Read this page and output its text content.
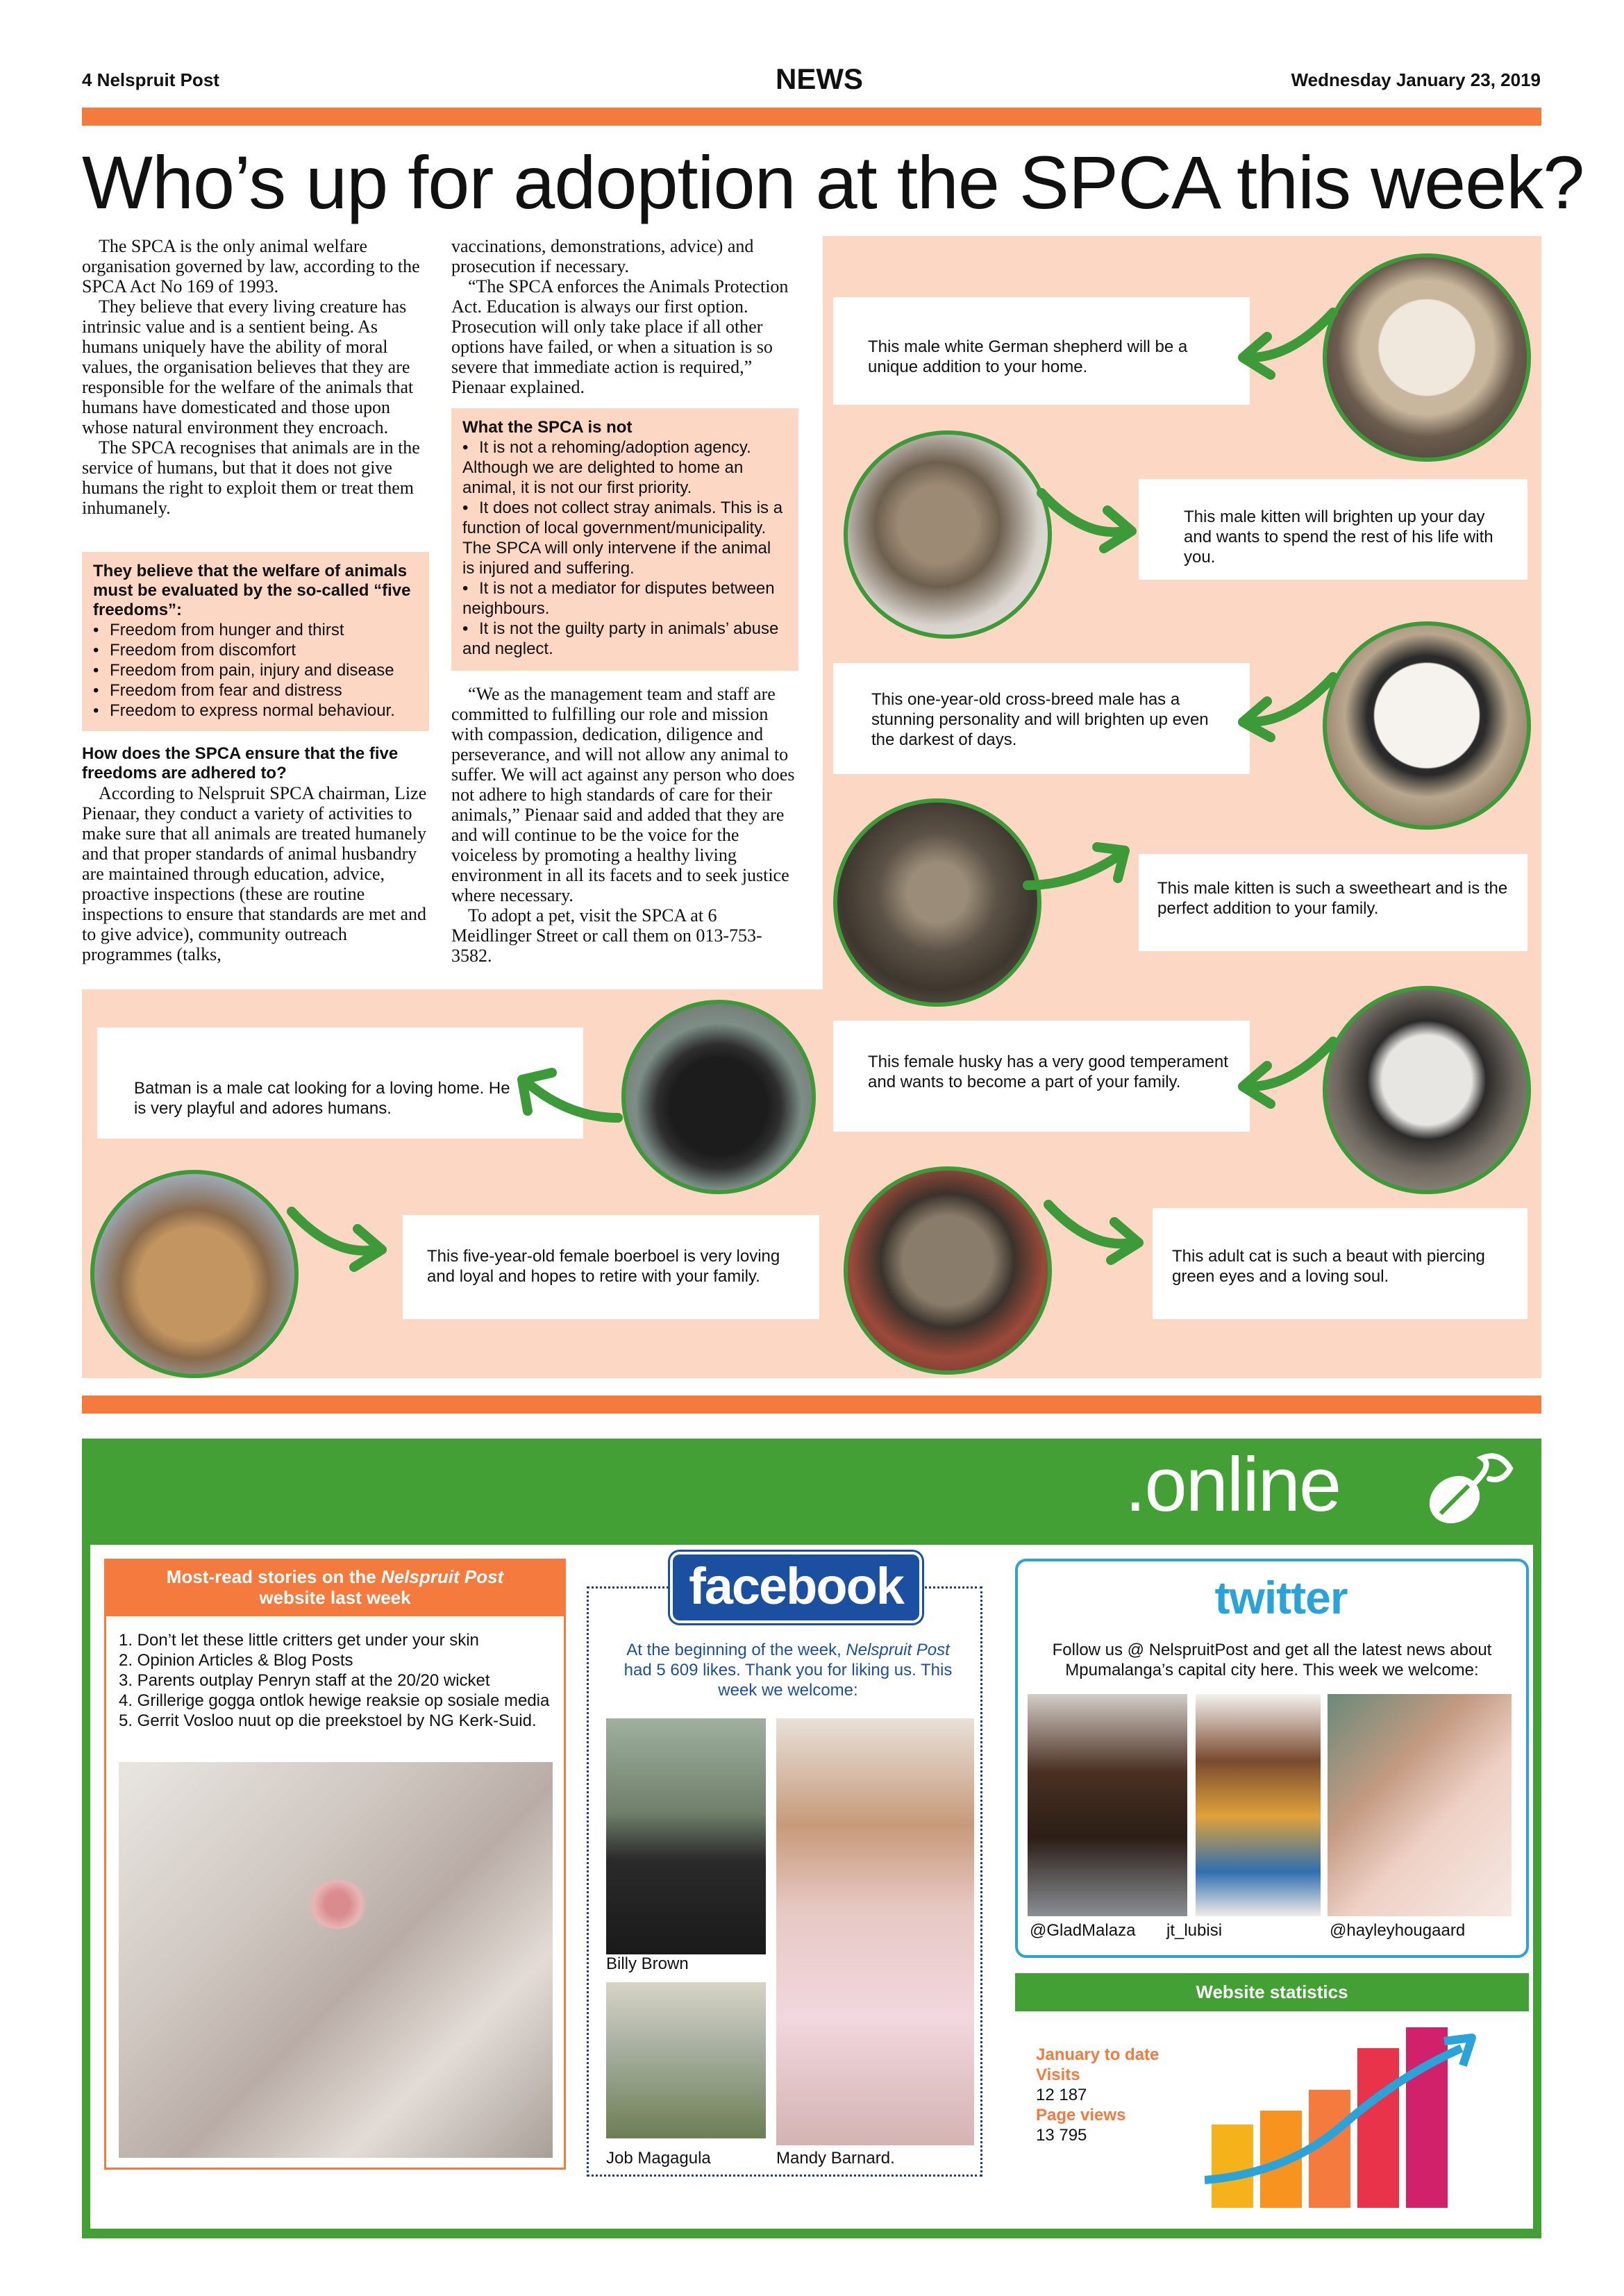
4 Nelspruit Post	NEWS	Wednesday January 23, 2019
Who’s up for adoption at the SPCA this week?

The SPCA is the only animal welfare organisation governed by law, according to the SPCA Act No 169 of 1993.

They believe that every living creature has intrinsic value and is a sentient being. As humans uniquely have the ability of moral values, the organisation believes that they are responsible for the welfare of the animals that humans have domesticated and those upon whose natural environment they encroach.

The SPCA recognises that animals are in the service of humans, but that it does not give humans the right to exploit them or treat them inhumanely.

They believe that the welfare of animals must be evaluated by the so-called “five freedoms”:
• Freedom from hunger and thirst
• Freedom from discomfort
• Freedom from pain, injury and disease
• Freedom from fear and distress
• Freedom to express normal behaviour.
How does the SPCA ensure that the five freedoms are adhered to?

According to Nelspruit SPCA chairman, Lize Pienaar, they conduct a variety of activities to make sure that all animals are treated humanely and that proper standards of animal husbandry are maintained through education, advice, proactive inspections (these are routine inspections to ensure that standards are met and to give advice), community outreach programmes (talks,

vaccinations, demonstrations, advice) and prosecution if necessary.

“The SPCA enforces the Animals Protection Act. Education is always our first option. Prosecution will only take place if all other options have failed, or when a situation is so severe that immediate action is required,” Pienaar explained.

What the SPCA is not
• It is not a rehoming/adoption agency. Although we are delighted to home an animal, it is not our first priority.
• It does not collect stray animals. This is a function of local government/municipality. The SPCA will only intervene if the animal is injured and suffering.
• It is not a mediator for disputes between neighbours.
• It is not the guilty party in animals’ abuse and neglect.

“We as the management team and staff are committed to fulfilling our role and mission with compassion, dedication, diligence and perseverance, and will not allow any animal to suffer. We will act against any person who does not adhere to high standards of care for their animals,” Pienaar said and added that they are and will continue to be the voice for the voiceless by promoting a healthy living environment in all its facets and to seek justice where necessary.

To adopt a pet, visit the SPCA at 6 Meidlinger Street or call them on 013-753-3582.

This male white German shepherd will be a unique addition to your home.
This male kitten will brighten up your day and wants to spend the rest of his life with you.
This one-year-old cross-breed male has a stunning personality and will brighten up even the darkest of days.
This male kitten is such a sweetheart and is the perfect addition to your family.
Batman is a male cat looking for a loving home. He is very playful and adores humans.
This female husky has a very good temperament and wants to become a part of your family.
This five-year-old female boerboel is very loving and loyal and hopes to retire with your family.
This adult cat is such a beaut with piercing green eyes and a loving soul.
.online
Most-read stories on the Nelspruit Post
website last week
1. Don’t let these little critters get under your skin
2. Opinion Articles & Blog Posts
3. Parents outplay Penryn staff at the 20/20 wicket
4. Grillerige gogga ontlok hewige reaksie op sosiale media
5. Gerrit Vosloo nuut op die preekstoel by NG Kerk-Suid.
facebook
At the beginning of the week, Nelspruit Post had 5 609 likes. Thank you for liking us. This week we welcome:
Billy Brown
Job Magagula	Mandy Barnard.
twitter
Follow us @ NelspruitPost and get all the latest news about Mpumalanga’s capital city here. This week we welcome:
@GladMalaza jt_lubisi	@hayleyhougaard
Website statistics
January to date
Visits
12 187
Page views
13 795
